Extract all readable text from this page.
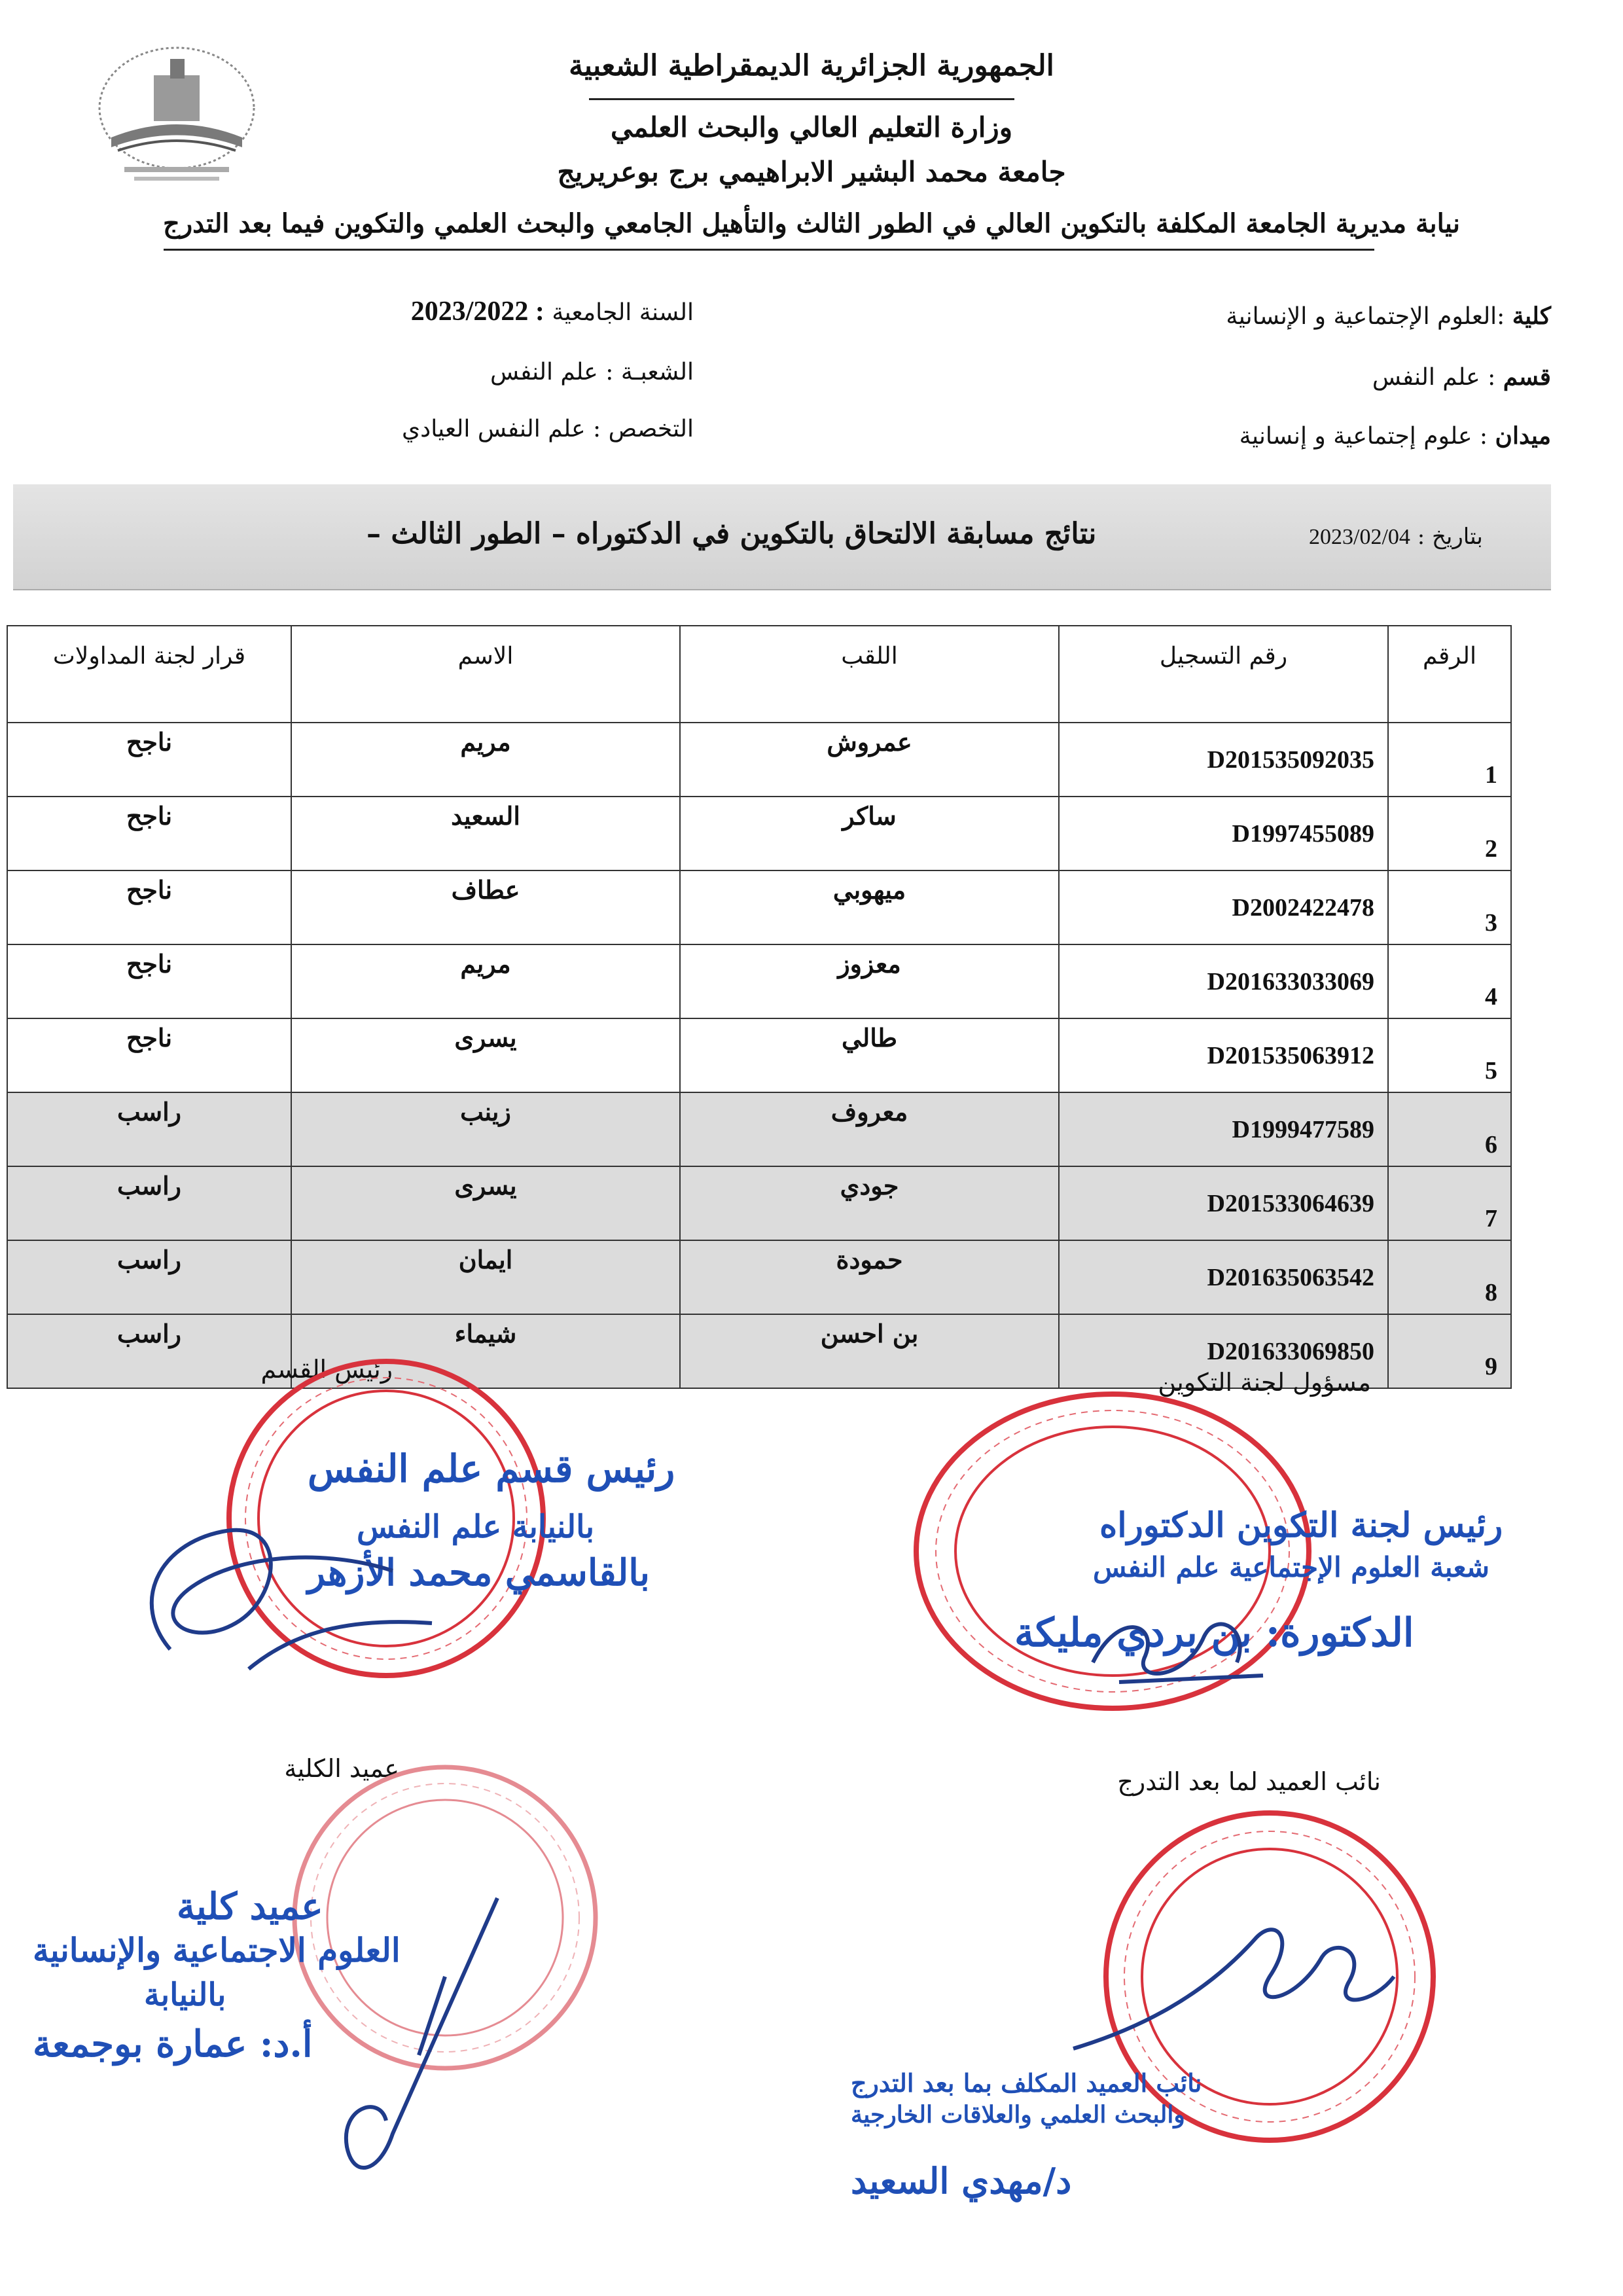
الجمهورية الجزائرية الديمقراطية الشعبية
وزارة التعليم العالي والبحث العلمي
جامعة محمد البشير الابراهيمي برج بوعريريج
نيابة مديرية الجامعة المكلفة بالتكوين العالي في الطور الثالث والتأهيل الجامعي والبحث العلمي والتكوين فيما بعد التدرج
كلية :العلوم الإجتماعية و الإنسانية
قسم : علم النفس
ميدان : علوم إجتماعية و إنسانية
السنة الجامعية : 2023/2022
الشعبـة : علم النفس
التخصص : علم النفس العيادي
نتائج مسابقة الالتحاق بالتكوين في الدكتوراه – الطور الثالث –	بتاريخ : 2023/02/04
الرقم	رقم التسجيل	اللقب	الاسم	قرار لجنة المداولات
1	D201535092035	عمروش	مريم	ناجح
2	D1997455089	ساكر	السعيد	ناجح
3	D2002422478	ميهوبي	عطاف	ناجح
4	D201633033069	معزوز	مريم	ناجح
5	D201535063912	طالي	يسرى	ناجح
6	D1999477589	معروف	زينب	راسب
7	D201533064639	جودي	يسرى	راسب
8	D201635063542	حمودة	ايمان	راسب
9	D201633069850	بن احسن	شيماء	راسب
مسؤول لجنة التكوين
رئيس القسم
نائب العميد لما بعد التدرج
عميد الكلية
رئيس قسم علم النفس
بالنيابة علم النفس
بالقاسمي محمد الأزهر
رئيس لجنة التكوين الدكتوراه
شعبة العلوم الإجتماعية علم النفس
الدكتورة: بن بردي مليكة
عميد كلية
العلوم الاجتماعية والإنسانية
بالنيابة
أ.د: عمارة بوجمعة
نائب العميد المكلف بما بعد التدرج
والبحث العلمي والعلاقات الخارجية
د/مهدي السعيد
